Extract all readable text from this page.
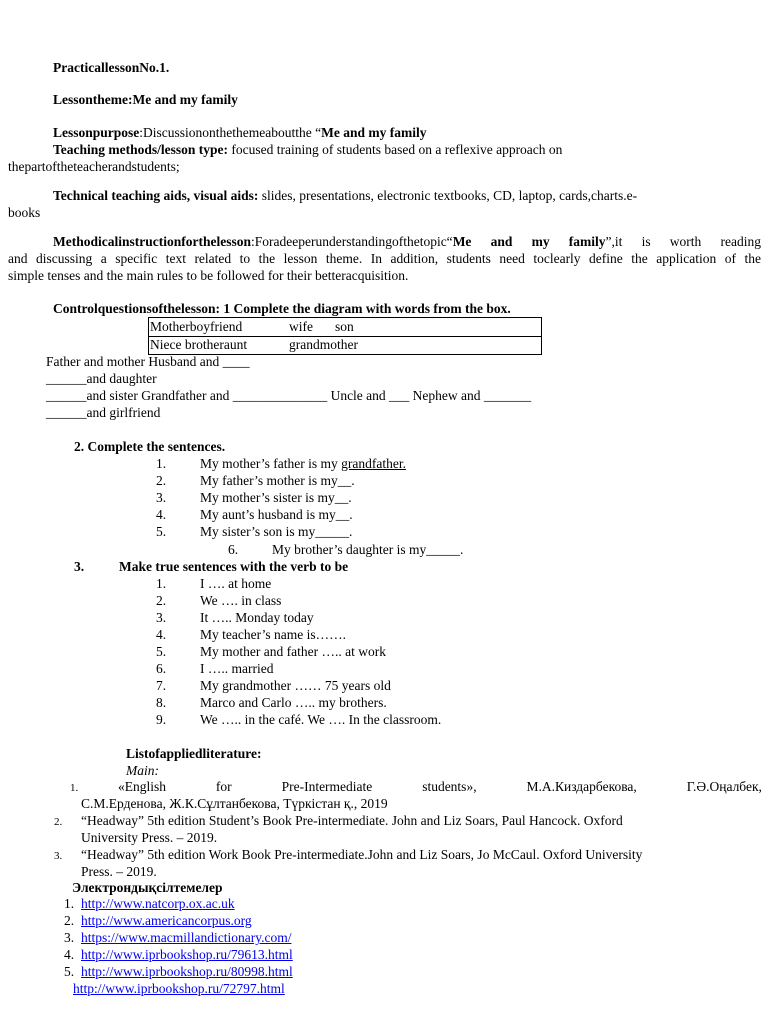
PracticallessonNo.1.
Lessontheme:Me and my family
Lessonpurpose:Discussiononthethemeaboutthe “Me and my family
Teaching methods/lesson type: focused training of students based on a reflexive approach on
thepartoftheteacherandstudents;
Technical teaching aids, visual aids: slides, presentations, electronic textbooks, CD, laptop, cards,charts.e-
books
Methodicalinstructionforthelesson:Foradeeperunderstandingofthetopic“Me and my family”,it is worth reading
and discussing a specific text related to the lesson theme. In addition, students need toclearly define the application of the
simple tenses and the main rules to be followed for their betteracquisition.
Controlquestionsofthelesson: 1 Complete the diagram with words from the box.
Motherboyfriend	wife son
Niece brotheraunt	grandmother
Father and mother Husband and ____
______and daughter
______and sister Grandfather and ______________ Uncle and ___ Nephew and _______
______and girlfriend
2. Complete the sentences.
1.	My mother’s father is my grandfather.
2.	My father’s mother is my__.
3.	My mother’s sister is my__.
4.	My aunt’s husband is my__.
5.	My sister’s son is my_____.
6.	My brother’s daughter is my_____.
3.	Make true sentences with the verb to be
1.	I …. at home
2.	We …. in class
3.	It ….. Monday today
4.	My teacher’s name is…….
5.	My mother and father ….. at work
6.	I ….. married
7.	My grandmother …… 75 years old
8.	Marco and Carlo ….. my brothers.
9.	We ….. in the café. We …. In the classroom.
Listofappliedliterature:
Main:
1.	«English	for	Pre-Intermediate	students»,	М.А.Киздарбекова,	Г.Ә.Оңалбек,
С.М.Ерденова, Ж.К.Сұлтанбекова, Түркістан қ., 2019
2. “Headway” 5th edition Student’s Book Pre-intermediate. John and Liz Soars, Paul Hancock. Oxford
University Press. – 2019.
3. “Headway” 5th edition Work Book Pre-intermediate.John and Liz Soars, Jo McCaul. Oxford University
Press. – 2019.
Электрондықсілтемелер
1. http://www.natcorp.ox.ac.uk
2. http://www.americancorpus.org
3. https://www.macmillandictionary.com/
4. http://www.iprbookshop.ru/79613.html
5. http://www.iprbookshop.ru/80998.html
http://www.iprbookshop.ru/72797.html
